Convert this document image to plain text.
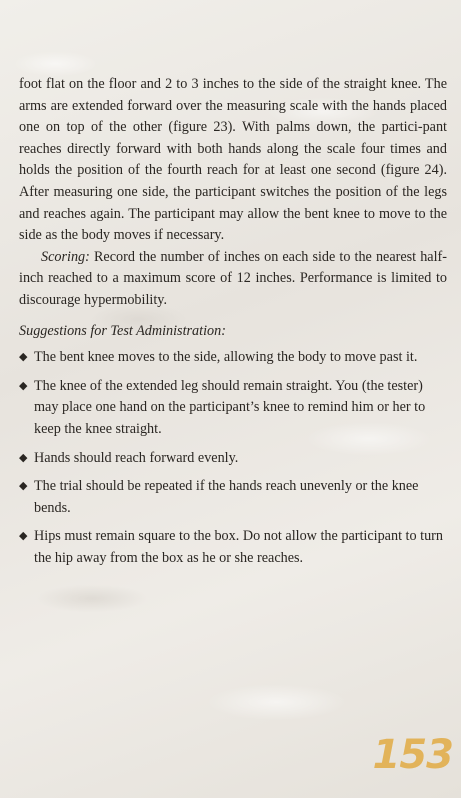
foot flat on the floor and 2 to 3 inches to the side of the straight knee. The arms are extended forward over the measuring scale with the hands placed one on top of the other (figure 23). With palms down, the partici-pant reaches directly forward with both hands along the scale four times and holds the position of the fourth reach for at least one second (figure 24). After measuring one side, the participant switches the position of the legs and reaches again. The participant may allow the bent knee to move to the side as the body moves if necessary.

Scoring: Record the number of inches on each side to the nearest half-inch reached to a maximum score of 12 inches. Performance is limited to discourage hypermobility.

Suggestions for Test Administration:

◆ The bent knee moves to the side, allowing the body to move past it.
◆ The knee of the extended leg should remain straight. You (the tester) may place one hand on the participant’s knee to remind him or her to keep the knee straight.
◆ Hands should reach forward evenly.
◆ The trial should be repeated if the hands reach unevenly or the knee bends.
◆ Hips must remain square to the box. Do not allow the participant to turn the hip away from the box as he or she reaches.
153
